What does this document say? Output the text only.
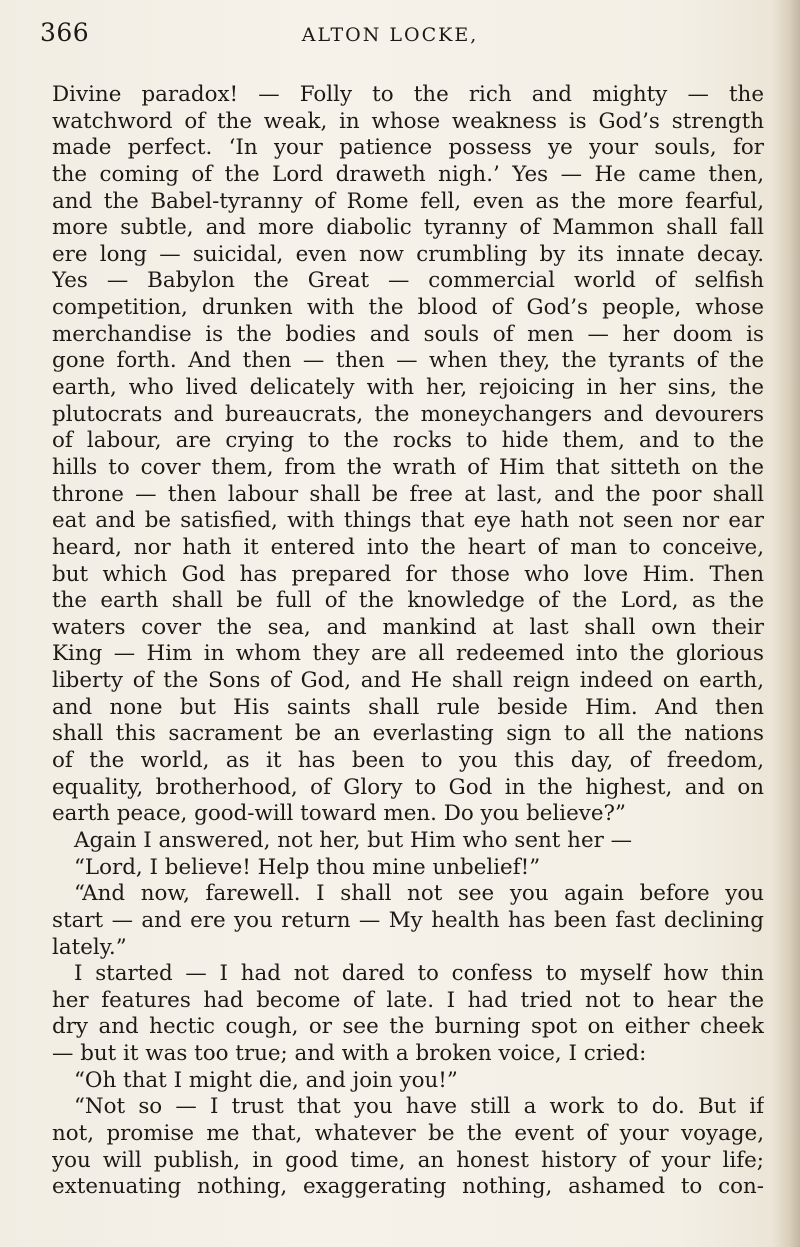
366	ALTON LOCKE,
Divine paradox! — Folly to the rich and mighty — the
watchword of the weak, in whose weakness is God’s strength
made perfect. ‘In your patience possess ye your souls, for
the coming of the Lord draweth nigh.’ Yes — He came then,
and the Babel-tyranny of Rome fell, even as the more fearful,
more subtle, and more diabolic tyranny of Mammon shall fall
ere long — suicidal, even now crumbling by its innate decay.
Yes — Babylon the Great — commercial world of selfish
competition, drunken with the blood of God’s people, whose
merchandise is the bodies and souls of men — her doom is
gone forth. And then — then — when they, the tyrants of the
earth, who lived delicately with her, rejoicing in her sins, the
plutocrats and bureaucrats, the moneychangers and devourers
of labour, are crying to the rocks to hide them, and to the
hills to cover them, from the wrath of Him that sitteth on the
throne — then labour shall be free at last, and the poor shall
eat and be satisfied, with things that eye hath not seen nor ear
heard, nor hath it entered into the heart of man to conceive,
but which God has prepared for those who love Him. Then
the earth shall be full of the knowledge of the Lord, as the
waters cover the sea, and mankind at last shall own their
King — Him in whom they are all redeemed into the glorious
liberty of the Sons of God, and He shall reign indeed on earth,
and none but His saints shall rule beside Him. And then
shall this sacrament be an everlasting sign to all the nations
of the world, as it has been to you this day, of freedom,
equality, brotherhood, of Glory to God in the highest, and on
earth peace, good-will toward men. Do you believe?”
Again I answered, not her, but Him who sent her —
“Lord, I believe! Help thou mine unbelief!”
“And now, farewell. I shall not see you again before you
start — and ere you return — My health has been fast declining
lately.”
I started — I had not dared to confess to myself how thin
her features had become of late. I had tried not to hear the
dry and hectic cough, or see the burning spot on either cheek
— but it was too true; and with a broken voice, I cried:
“Oh that I might die, and join you!”
“Not so — I trust that you have still a work to do. But if
not, promise me that, whatever be the event of your voyage,
you will publish, in good time, an honest history of your life;
extenuating nothing, exaggerating nothing, ashamed to con-
